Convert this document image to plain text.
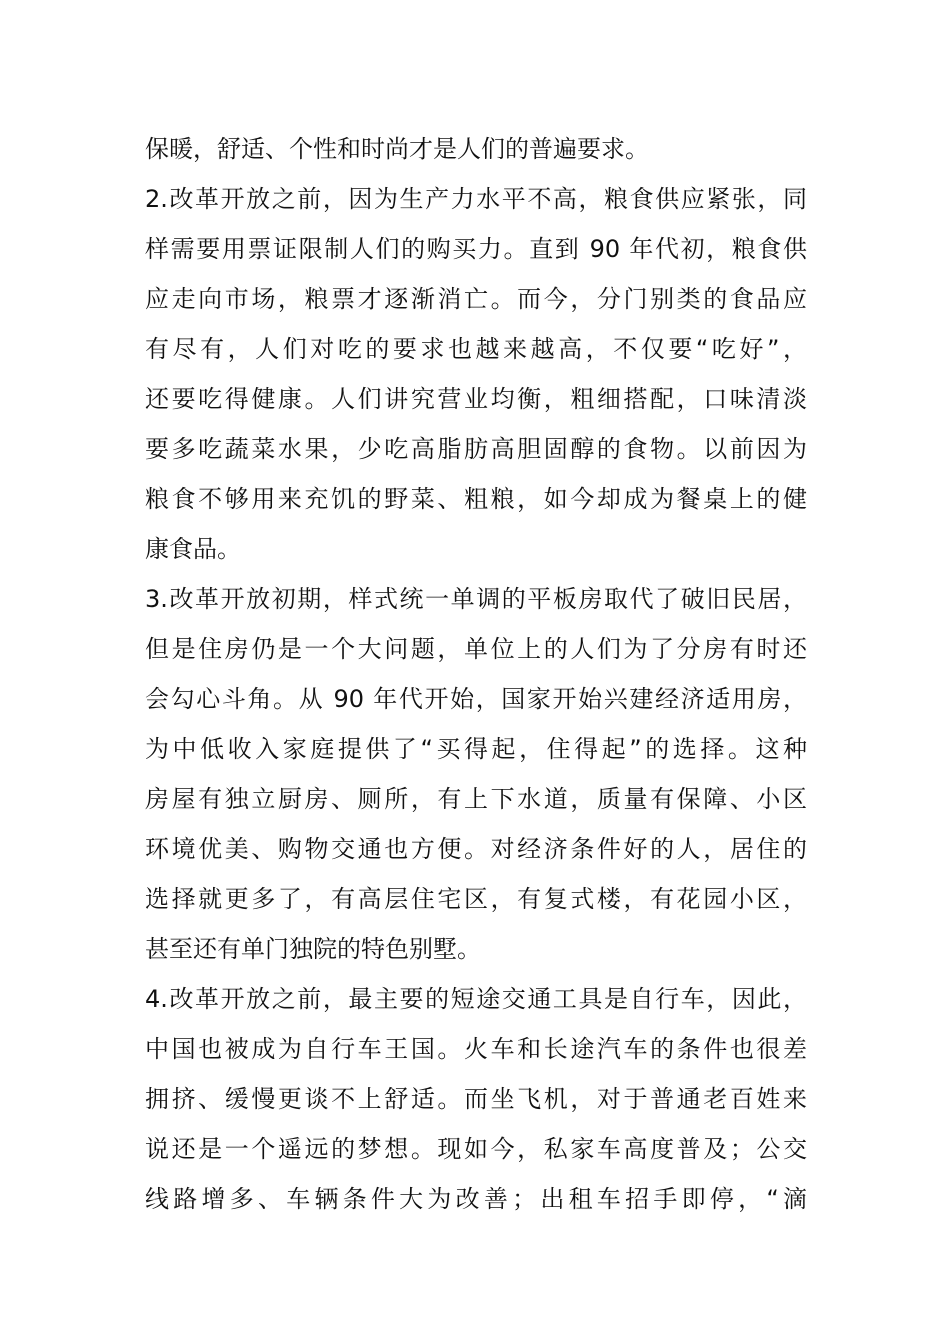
保暖，舒适、个性和时尚才是人们的普遍要求。
2.改革开放之前，因为生产力水平不高，粮食供应紧张，同
样需要用票证限制人们的购买力。直到 90 年代初，粮食供
应走向市场，粮票才逐渐消亡。而今，分门别类的食品应
有尽有，人们对吃的要求也越来越高，不仅要“吃好”，
还要吃得健康。人们讲究营业均衡，粗细搭配，口味清淡
要多吃蔬菜水果，少吃高脂肪高胆固醇的食物。以前因为
粮食不够用来充饥的野菜、粗粮，如今却成为餐桌上的健
康食品。
3.改革开放初期，样式统一单调的平板房取代了破旧民居，
但是住房仍是一个大问题，单位上的人们为了分房有时还
会勾心斗角。从 90 年代开始，国家开始兴建经济适用房，
为中低收入家庭提供了“买得起，住得起”的选择。这种
房屋有独立厨房、厕所，有上下水道，质量有保障、小区
环境优美、购物交通也方便。对经济条件好的人，居住的
选择就更多了，有高层住宅区，有复式楼，有花园小区，
甚至还有单门独院的特色别墅。
4.改革开放之前，最主要的短途交通工具是自行车，因此，
中国也被成为自行车王国。火车和长途汽车的条件也很差
拥挤、缓慢更谈不上舒适。而坐飞机，对于普通老百姓来
说还是一个遥远的梦想。现如今，私家车高度普及；公交
线路增多、车辆条件大为改善；出租车招手即停，“滴
